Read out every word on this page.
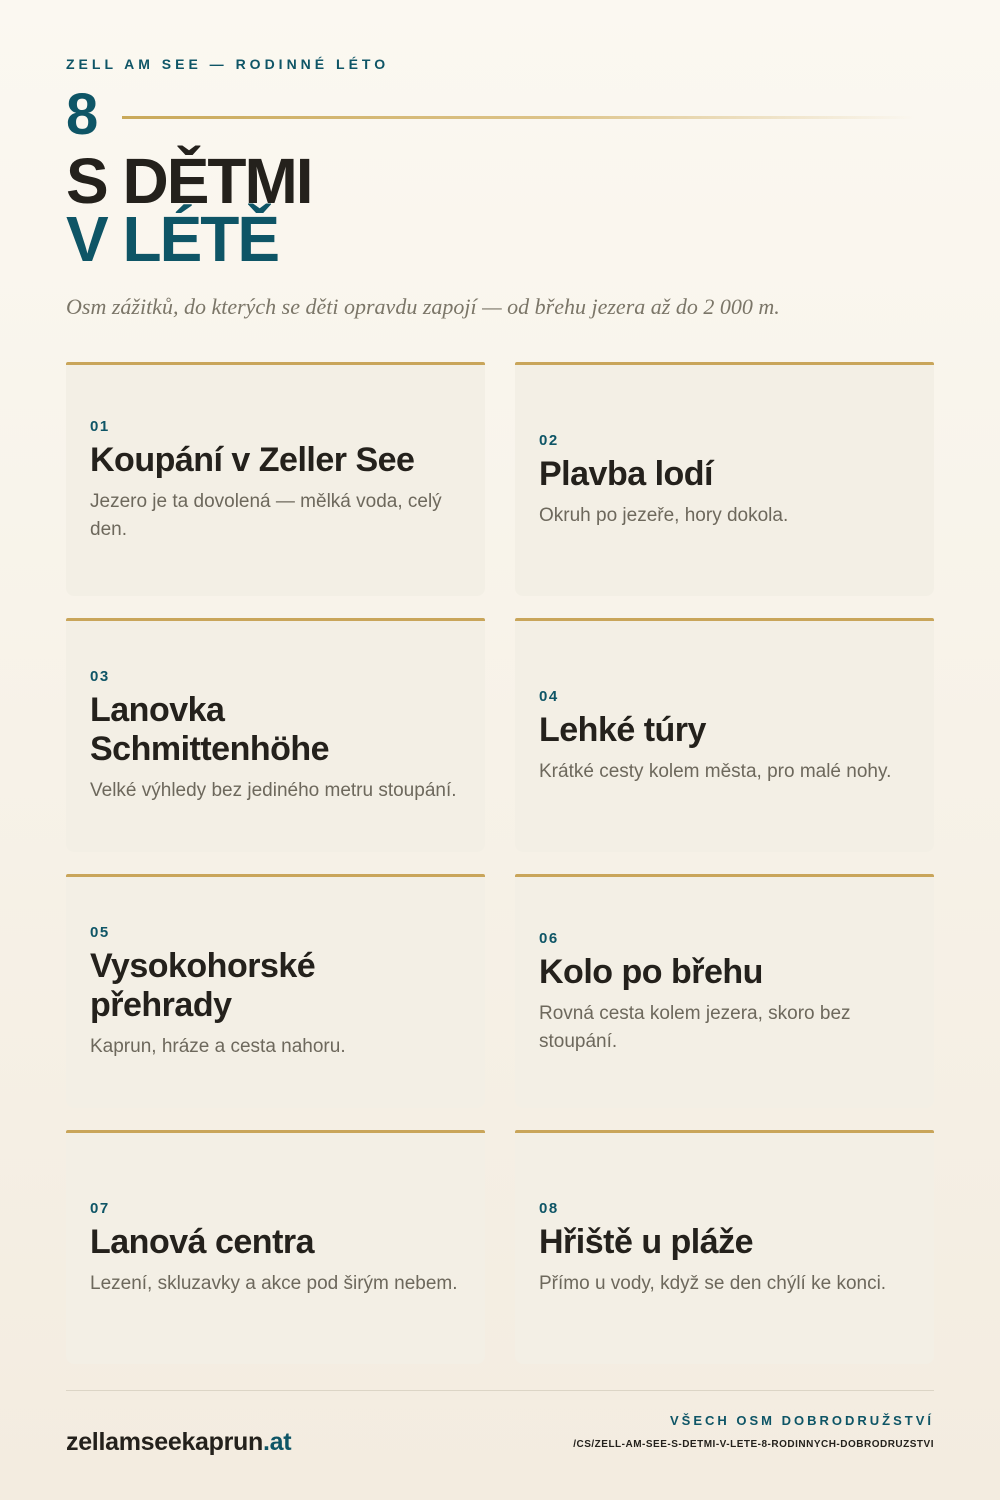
ZELL AM SEE — RODINNÉ LÉTO
8
S DĚTMI
V LÉTĚ
Osm zážitků, do kterých se děti opravdu zapojí — od břehu jezera až do 2 000 m.
01
Koupání v Zeller See
Jezero je ta dovolená — mělká voda, celý den.
02
Plavba lodí
Okruh po jezeře, hory dokola.
03
Lanovka Schmittenhöhe
Velké výhledy bez jediného metru stoupání.
04
Lehké túry
Krátké cesty kolem města, pro malé nohy.
05
Vysokohorské přehrady
Kaprun, hráze a cesta nahoru.
06
Kolo po břehu
Rovná cesta kolem jezera, skoro bez stoupání.
07
Lanová centra
Lezení, skluzavky a akce pod širým nebem.
08
Hřiště u pláže
Přímo u vody, když se den chýlí ke konci.
zellamseekaprun.at
VŠECH OSM DOBRODRUŽSTVÍ
/CS/ZELL-AM-SEE-S-DETMI-V-LETE-8-RODINNYCH-DOBRODRUZSTVI
